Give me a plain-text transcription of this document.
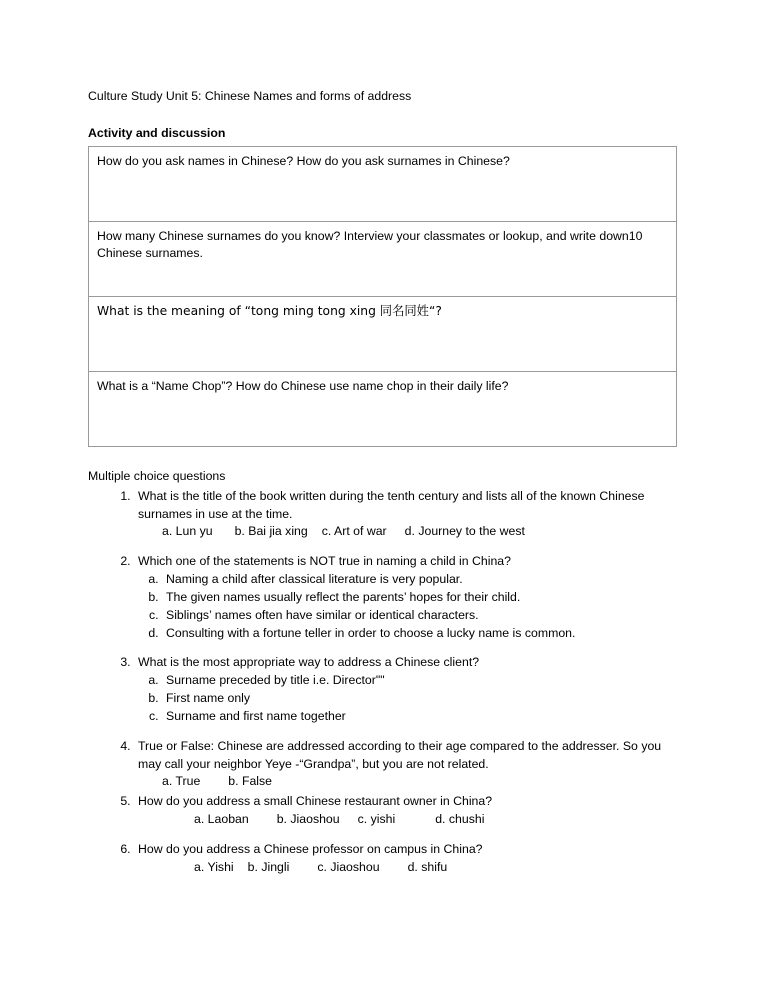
Culture Study Unit 5: Chinese Names and forms of address
Activity and discussion
How do you ask names in Chinese? How do you ask surnames in Chinese?
How many Chinese surnames do you know? Interview your classmates or lookup, and write down10 Chinese surnames.
What is the meaning of “tong ming tong xing 同名同姓“?
What is a “Name Chop”? How do Chinese use name chop in their daily life?
Multiple choice questions
1. What is the title of the book written during the tenth century and lists all of the known Chinese surnames in use at the time.
a. Lun yu b. Bai jia xing c. Art of war d. Journey to the west
2. Which one of the statements is NOT true in naming a child in China?
a. Naming a child after classical literature is very popular.
b. The given names usually reflect the parents’ hopes for their child.
c. Siblings’ names often have similar or identical characters.
d. Consulting with a fortune teller in order to choose a lucky name is common.
3. What is the most appropriate way to address a Chinese client?
a. Surname preceded by title i.e. Director""
b. First name only
c. Surname and first name together
4. True or False: Chinese are addressed according to their age compared to the addresser. So you may call your neighbor Yeye -“Grandpa”, but you are not related.
a. True b. False
5. How do you address a small Chinese restaurant owner in China?
a. Laoban b. Jiaoshou c. yishi	d. chushi
6. How do you address a Chinese professor on campus in China?
a. Yishi b. Jingli c. Jiaoshou d. shifu
